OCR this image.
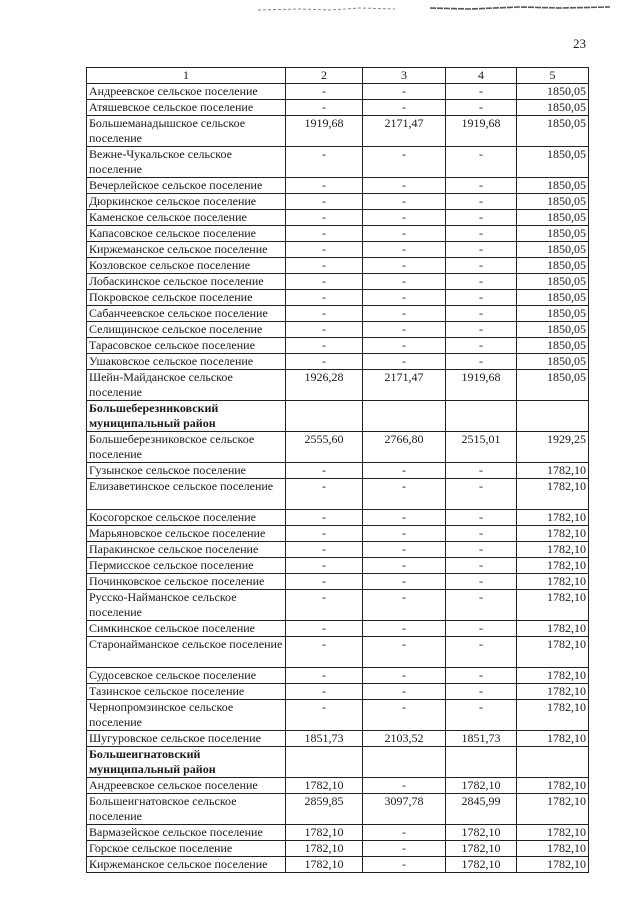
23
1	2	3	4	5
Андреевское сельское поселение	-	-	-	1850,05
Атяшевское сельское поселение	-	-	-	1850,05
Большеманадышское сельское поселение	1919,68	2171,47	1919,68	1850,05
Вежне-Чукальское сельское поселение	-	-	-	1850,05
Вечерлейское сельское поселение	-	-	-	1850,05
Дюркинское сельское поселение	-	-	-	1850,05
Каменское сельское поселение	-	-	-	1850,05
Капасовское сельское поселение	-	-	-	1850,05
Киржеманское сельское поселение	-	-	-	1850,05
Козловское сельское поселение	-	-	-	1850,05
Лобаскинское сельское поселение	-	-	-	1850,05
Покровское сельское поселение	-	-	-	1850,05
Сабанчеевское сельское поселение	-	-	-	1850,05
Селищинское сельское поселение	-	-	-	1850,05
Тарасовское сельское поселение	-	-	-	1850,05
Ушаковское сельское поселение	-	-	-	1850,05
Шейн-Майданское сельское поселение	1926,28	2171,47	1919,68	1850,05
Большеберезниковский муниципальный район				
Большеберезниковское сельское поселение	2555,60	2766,80	2515,01	1929,25
Гузынское сельское поселение	-	-	-	1782,10
Елизаветинское сельское поселение	-	-	-	1782,10
Косогорское сельское поселение	-	-	-	1782,10
Марьяновское сельское поселение	-	-	-	1782,10
Паракинское сельское поселение	-	-	-	1782,10
Пермисское сельское поселение	-	-	-	1782,10
Починковское сельское поселение	-	-	-	1782,10
Русско-Найманское сельское поселение	-	-	-	1782,10
Симкинское сельское поселение	-	-	-	1782,10
Старонайманское сельское поселение	-	-	-	1782,10
Судосевское сельское поселение	-	-	-	1782,10
Тазинское сельское поселение	-	-	-	1782,10
Чернопромзинское сельское поселение	-	-	-	1782,10
Шугуровское сельское поселение	1851,73	2103,52	1851,73	1782,10
Большеигнатовский муниципальный район				
Андреевское сельское поселение	1782,10	-	1782,10	1782,10
Большеигнатовское сельское поселение	2859,85	3097,78	2845,99	1782,10
Вармазейское сельское поселение	1782,10	-	1782,10	1782,10
Горское сельское поселение	1782,10	-	1782,10	1782,10
Киржеманское сельское поселение	1782,10	-	1782,10	1782,10
